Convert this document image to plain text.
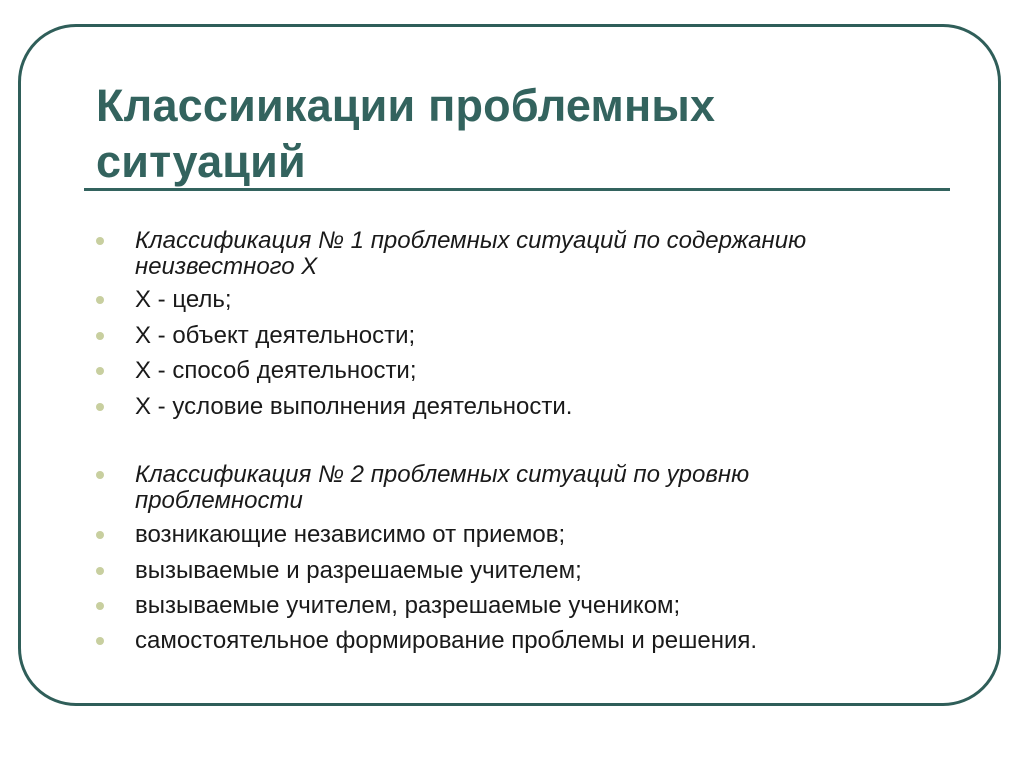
Классиикации проблемных
ситуаций
Классификация № 1 проблемных ситуаций по содержанию
неизвестного Х
Х - цель;
Х - объект деятельности;
Х - способ деятельности;
Х - условие выполнения деятельности.
Классификация № 2 проблемных ситуаций по уровню
проблемности
возникающие независимо от приемов;
вызываемые и разрешаемые учителем;
вызываемые учителем, разрешаемые учеником;
самостоятельное формирование проблемы и решения.
